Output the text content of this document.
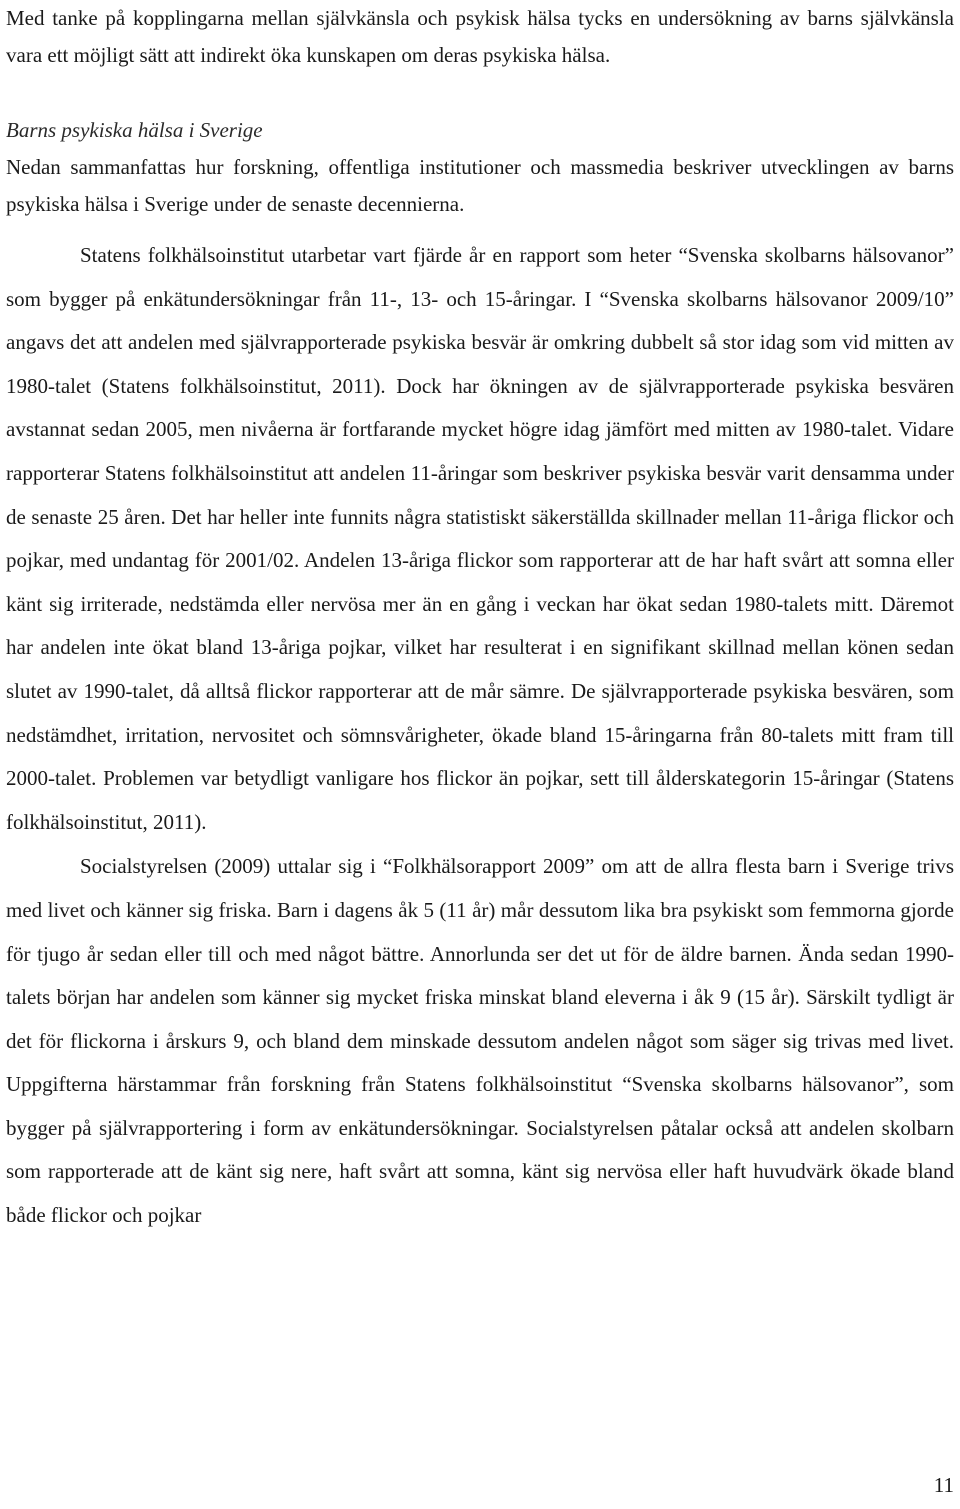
Med tanke på kopplingarna mellan självkänsla och psykisk hälsa tycks en undersökning av barns självkänsla vara ett möjligt sätt att indirekt öka kunskapen om deras psykiska hälsa.

Barns psykiska hälsa i Sverige

Nedan sammanfattas hur forskning, offentliga institutioner och massmedia beskriver utvecklingen av barns psykiska hälsa i Sverige under de senaste decennierna.

Statens folkhälsoinstitut utarbetar vart fjärde år en rapport som heter “Svenska skolbarns hälsovanor” som bygger på enkätundersökningar från 11-, 13- och 15-åringar. I “Svenska skolbarns hälsovanor 2009/10” angavs det att andelen med självrapporterade psykiska besvär är omkring dubbelt så stor idag som vid mitten av 1980-talet (Statens folkhälsoinstitut, 2011). Dock har ökningen av de självrapporterade psykiska besvären avstannat sedan 2005, men nivåerna är fortfarande mycket högre idag jämfört med mitten av 1980-talet. Vidare rapporterar Statens folkhälsoinstitut att andelen 11-åringar som beskriver psykiska besvär varit densamma under de senaste 25 åren. Det har heller inte funnits några statistiskt säkerställda skillnader mellan 11-åriga flickor och pojkar, med undantag för 2001/02. Andelen 13-åriga flickor som rapporterar att de har haft svårt att somna eller känt sig irriterade, nedstämda eller nervösa mer än en gång i veckan har ökat sedan 1980-talets mitt. Däremot har andelen inte ökat bland 13-åriga pojkar, vilket har resulterat i en signifikant skillnad mellan könen sedan slutet av 1990-talet, då alltså flickor rapporterar att de mår sämre. De självrapporterade psykiska besvären, som nedstämdhet, irritation, nervositet och sömnsvårigheter, ökade bland 15-åringarna från 80-talets mitt fram till 2000-talet. Problemen var betydligt vanligare hos flickor än pojkar, sett till ålderskategorin 15-åringar (Statens folkhälsoinstitut, 2011).

Socialstyrelsen (2009) uttalar sig i “Folkhälsorapport 2009” om att de allra flesta barn i Sverige trivs med livet och känner sig friska. Barn i dagens åk 5 (11 år) mår dessutom lika bra psykiskt som femmorna gjorde för tjugo år sedan eller till och med något bättre. Annorlunda ser det ut för de äldre barnen. Ända sedan 1990-talets början har andelen som känner sig mycket friska minskat bland eleverna i åk 9 (15 år). Särskilt tydligt är det för flickorna i årskurs 9, och bland dem minskade dessutom andelen något som säger sig trivas med livet. Uppgifterna härstammar från forskning från Statens folkhälsoinstitut “Svenska skolbarns hälsovanor”, som bygger på självrapportering i form av enkätundersökningar. Socialstyrelsen påtalar också att andelen skolbarn som rapporterade att de känt sig nere, haft svårt att somna, känt sig nervösa eller haft huvudvärk ökade bland både flickor och pojkar

11
